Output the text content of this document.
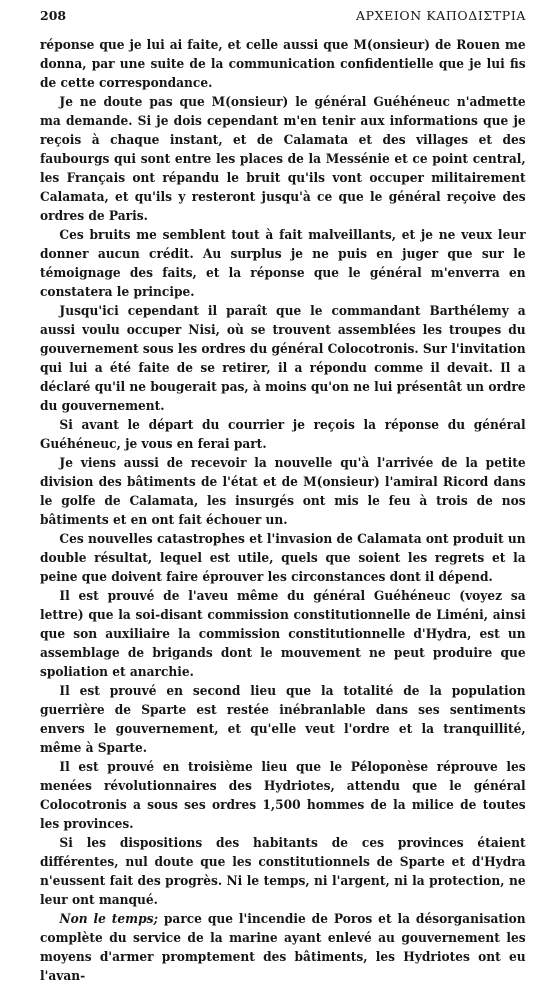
208	ΑΡΧΕΙΟΝ ΚΑΠΟΔΙΣΤΡΙΑ

réponse que je lui ai faite, et celle aussi que M(onsieur) de Rouen me donna, par une suite de la communication confidentielle que je lui fis de cette correspondance.

Je ne doute pas que M(onsieur) le général Guéhéneuc n'admette ma demande. Si je dois cependant m'en tenir aux informations que je reçois à chaque instant, et de Calamata et des villages et des faubourgs qui sont entre les places de la Messénie et ce point central, les Français ont répandu le bruit qu'ils vont occuper militairement Calamata, et qu'ils y resteront jusqu'à ce que le général reçoive des ordres de Paris.

Ces bruits me semblent tout à fait malveillants, et je ne veux leur donner aucun crédit. Au surplus je ne puis en juger que sur le témoignage des faits, et la réponse que le général m'enverra en constatera le principe.

Jusqu'ici cependant il paraît que le commandant Barthélemy a aussi voulu occuper Nisi, où se trouvent assemblées les troupes du gouvernement sous les ordres du général Colocotronis. Sur l'invitation qui lui a été faite de se retirer, il a répondu comme il devait. Il a déclaré qu'il ne bougerait pas, à moins qu'on ne lui présentât un ordre du gouvernement.

Si avant le départ du courrier je reçois la réponse du général Guéhéneuc, je vous en ferai part.

Je viens aussi de recevoir la nouvelle qu'à l'arrivée de la petite division des bâtiments de l'état et de M(onsieur) l'amiral Ricord dans le golfe de Calamata, les insurgés ont mis le feu à trois de nos bâtiments et en ont fait échouer un.

Ces nouvelles catastrophes et l'invasion de Calamata ont produit un double résultat, lequel est utile, quels que soient les regrets et la peine que doivent faire éprouver les circonstances dont il dépend.

Il est prouvé de l'aveu même du général Guéhéneuc (voyez sa lettre) que la soi-disant commission constitutionnelle de Liméni, ainsi que son auxiliaire la commission constitutionnelle d'Hydra, est un assemblage de brigands dont le mouvement ne peut produire que spoliation et anarchie.

Il est prouvé en second lieu que la totalité de la population guerrière de Sparte est restée inébranlable dans ses sentiments envers le gouvernement, et qu'elle veut l'ordre et la tranquillité, même à Sparte.

Il est prouvé en troisième lieu que le Péloponèse réprouve les menées révolutionnaires des Hydriotes, attendu que le général Colocotronis a sous ses ordres 1,500 hommes de la milice de toutes les provinces.

Si les dispositions des habitants de ces provinces étaient différentes, nul doute que les constitutionnels de Sparte et d'Hydra n'eussent fait des progrès. Ni le temps, ni l'argent, ni la protection, ne leur ont manqué.

Non le temps; parce que l'incendie de Poros et la désorganisation complète du service de la marine ayant enlevé au gouvernement les moyens d'armer promptement des bâtiments, les Hydriotes ont eu l'avan-
